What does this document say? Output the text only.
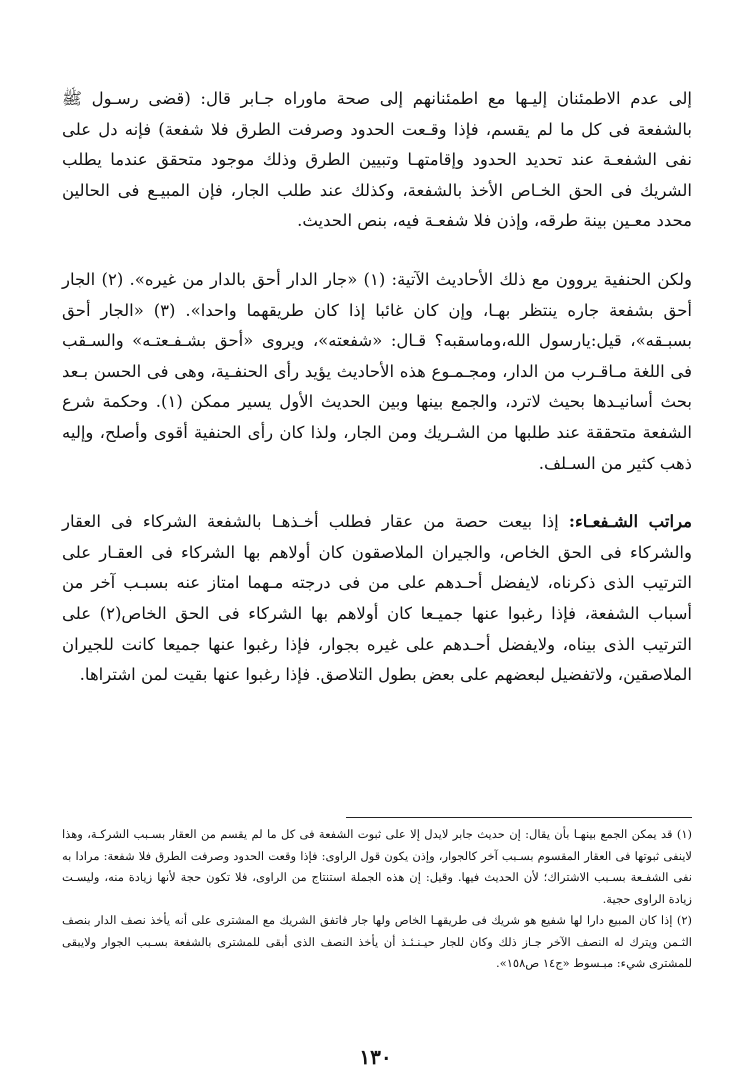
إلى عدم الاطمئنان إليـها مع اطمئنانهم إلى صحة ماوراه جـابر قال: (قضى رسـول ﷺ بالشفعة فى كل ما لم يقسم، فإذا وقـعت الحدود وصرفت الطرق فلا شفعة) فإنه دل على نفى الشفعـة عند تحديد الحدود وإقامتهـا وتبيين الطرق وذلك موجود متحقق عندما يطلب الشريك فى الحق الخـاص الأخذ بالشفعة، وكذلك عند طلب الجار، فإن المبيـع فى الحالين محدد معـين بينة طرقه، وإذن فلا شفعـة فيه، بنص الحديث.

ولكن الحنفية يروون مع ذلك الأحاديث الآتية: (١) «جار الدار أحق بالدار من غيره». (٢) الجار أحق بشفعة جاره ينتظر بهـا، وإن كان غائبا إذا كان طريقهما واحدا». (٣) «الجار أحق بسبـقه»، قيل:يارسول الله،وماسقبه؟ قـال: «شفعته»، ويروى «أحق بشـفـعتـه» والسـقب فى اللغة مـاقـرب من الدار، ومجـمـوع هذه الأحاديث يؤيد رأى الحنفـية، وهى فى الحسن بـعد بحث أسانيـدها بحيث لاترد، والجمع بينها وبين الحديث الأول يسير ممكن (١). وحكمة شرع الشفعة متحققة عند طلبها من الشـريك ومن الجار، ولذا كان رأى الحنفية أقوى وأصلح، وإليه ذهب كثير من السـلف.

مراتب الشـفعـاء: إذا بيعت حصة من عقار فطلب أخـذهـا بالشفعة الشركاء فى العقار والشركاء فى الحق الخاص، والجيران الملاصقون كان أولاهم بها الشركاء فى العقـار على الترتيب الذى ذكرناه، لايفضل أحـدهم على من فى درجته مـهما امتاز عنه بسبـب آخر من أسباب الشفعة، فإذا رغبوا عنها جميـعا كان أولاهم بها الشركاء فى الحق الخاص(٢) على الترتيب الذى بيناه، ولايفضل أحـدهم على غيره بجوار، فإذا رغبوا عنها جميعا كانت للجيران الملاصقين، ولاتفضيل لبعضهم على بعض بطول التلاصق. فإذا رغبوا عنها بقيت لمن اشتراها.

(١) قد يمكن الجمع بينهـا بأن يقال: إن حديث جابر لايدل إلا على ثبوت الشفعة فى كل ما لم يقسم من العقار بسـبب الشركـة، وهذا لاينفى ثبوتها فى العقار المقسوم بسـبب آخر كالجوار، وإذن يكون قول الراوى: فإذا وقعت الحدود وصرفت الطرق فلا شفعة: مرادا به نفى الشفـعة بسـبب الاشتراك؛ لأن الحديث فيها. وقيل: إن هذه الجملة استنتاج من الراوى، فلا تكون حجة لأنها زيادة منه، وليسـت زيادة الراوى حجية.

(٢) إذا كان المبيع دارا لها شفيع هو شريك فى طريقهـا الخاص ولها جار فاتفق الشريك مع المشترى على أنه يأخذ نصف الدار بنصف الثـمن ويترك له النصف الآخر جـاز ذلك وكان للجار حيـنـئـذ أن يأخذ النصف الذى أبقى للمشترى بالشفعة بسـبب الجوار ولايبقى للمشترى شيء: مبـسوط «ج١٤ ص١٥٨».

١٣٠
